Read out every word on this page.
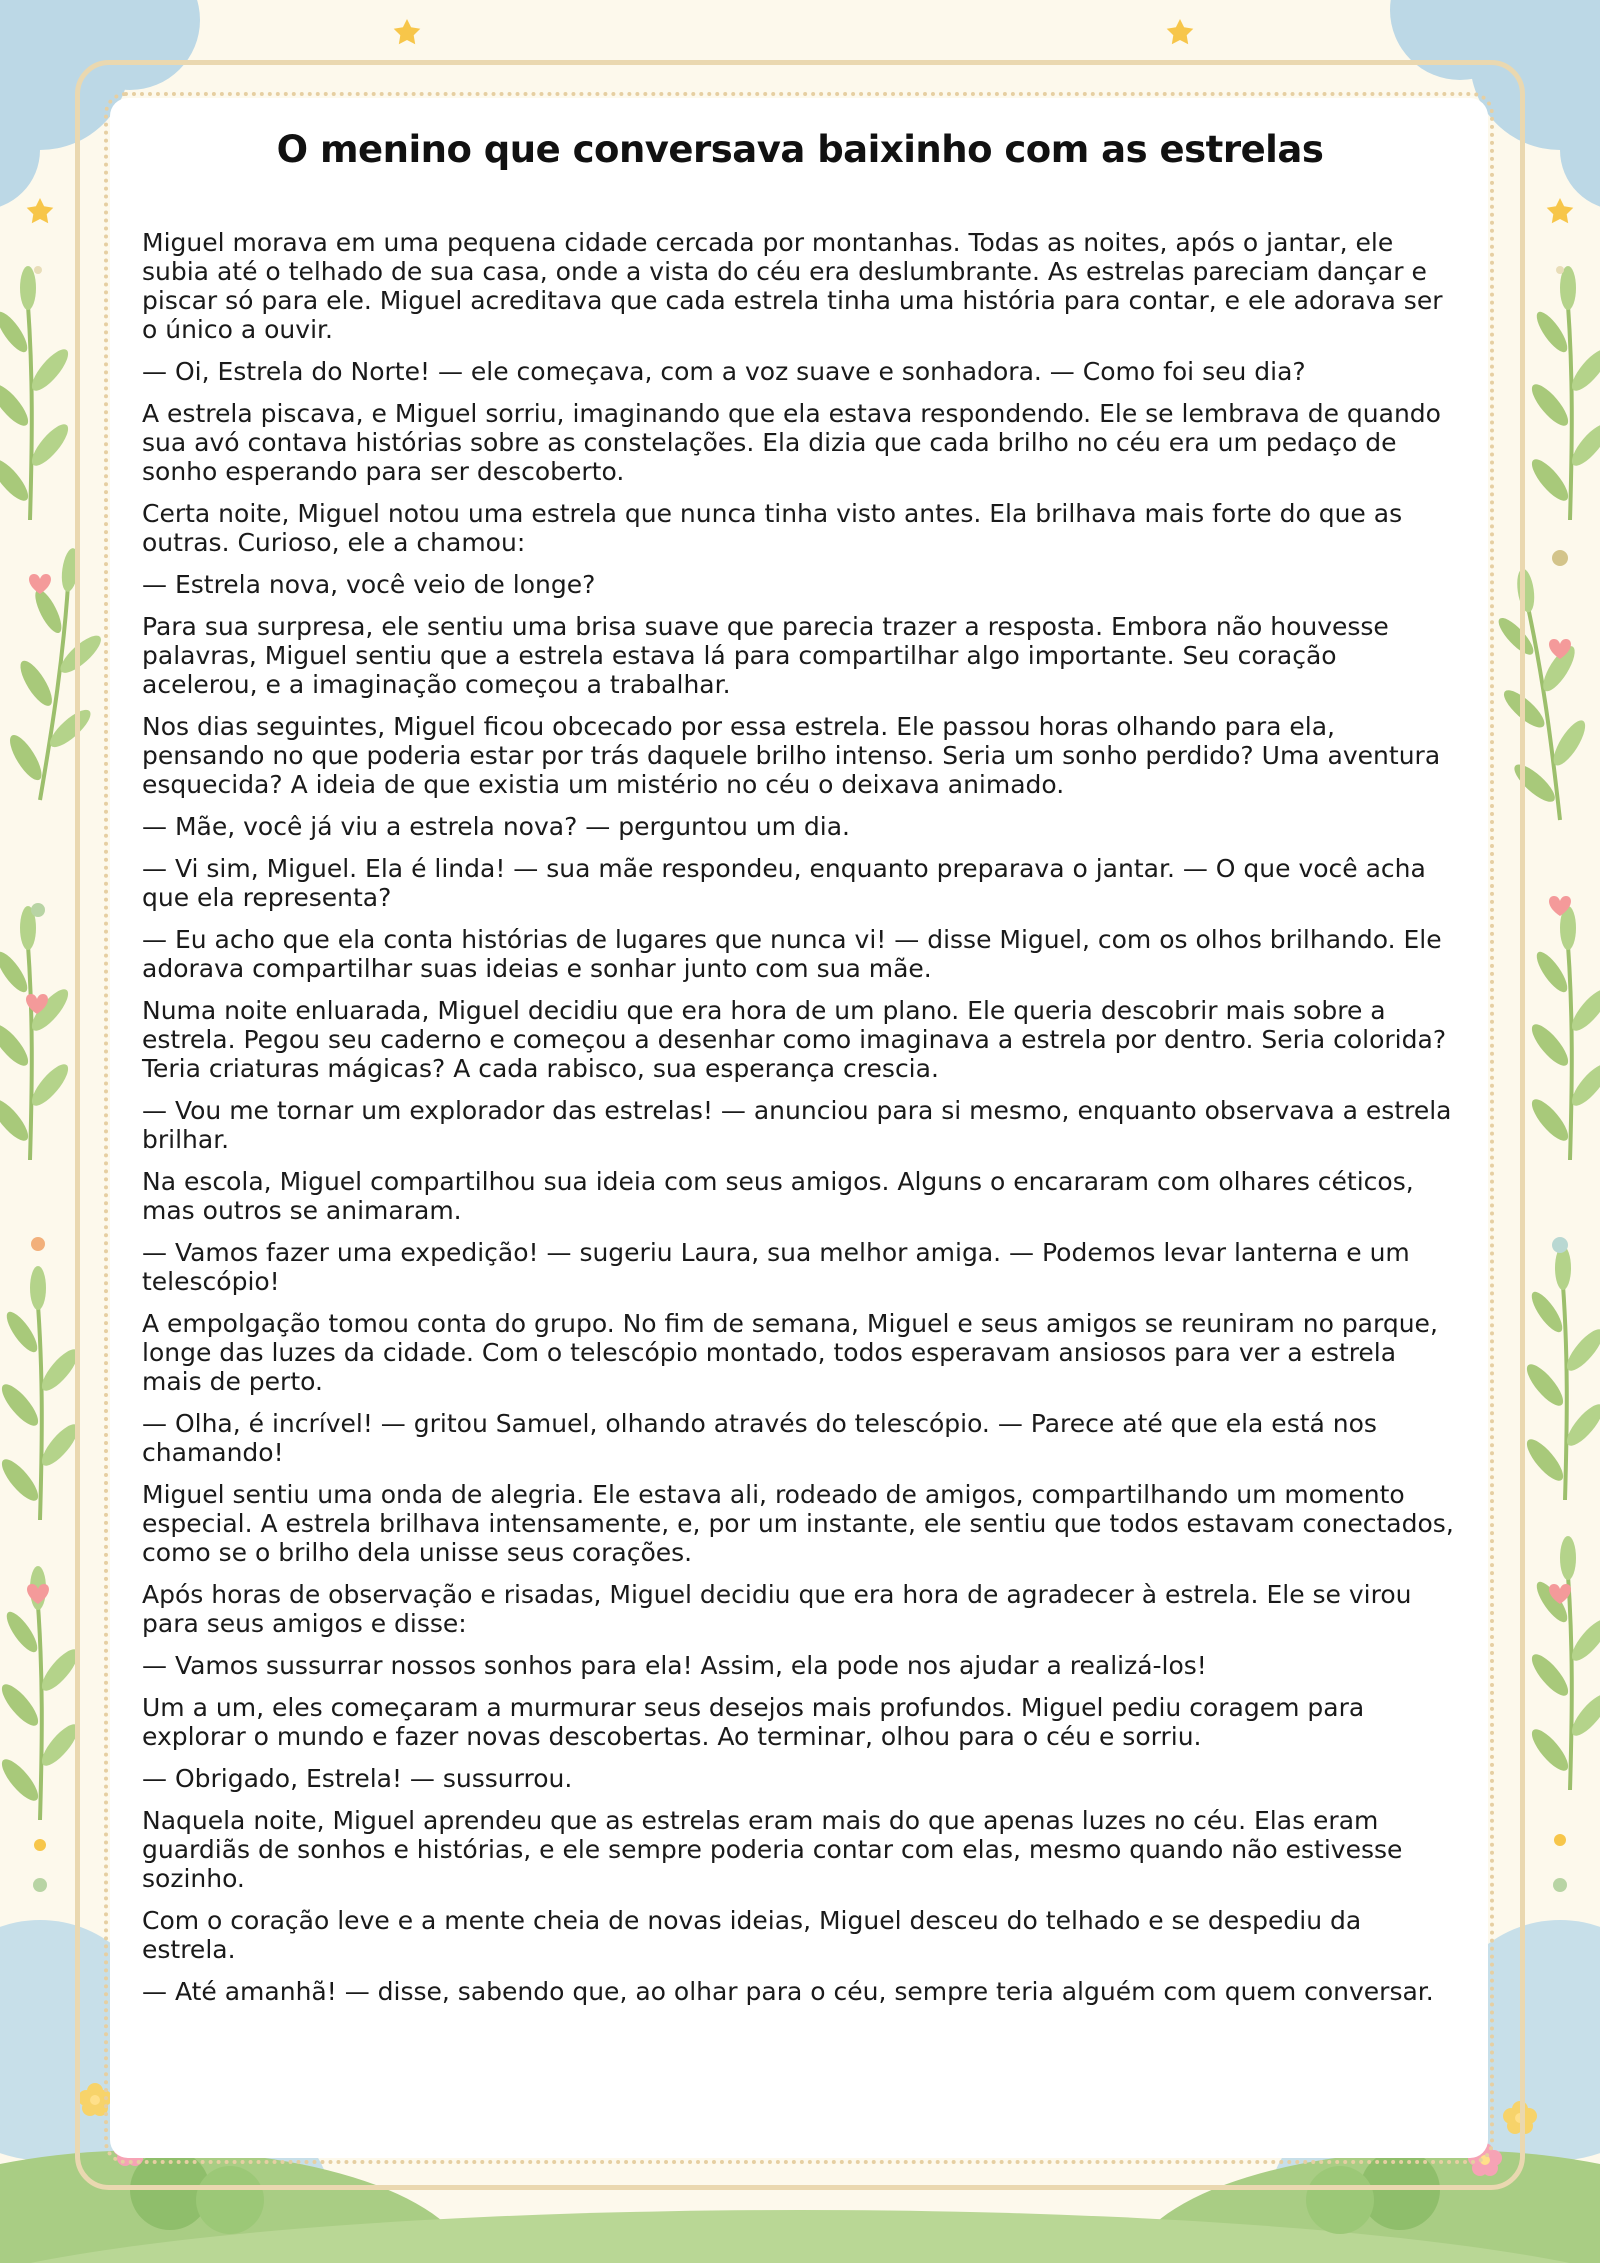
O menino que conversava baixinho com as estrelas

Miguel morava em uma pequena cidade cercada por montanhas. Todas as noites, após o jantar, ele subia até o telhado de sua casa, onde a vista do céu era deslumbrante. As estrelas pareciam dançar e piscar só para ele. Miguel acreditava que cada estrela tinha uma história para contar, e ele adorava ser o único a ouvir.

— Oi, Estrela do Norte! — ele começava, com a voz suave e sonhadora. — Como foi seu dia?

A estrela piscava, e Miguel sorriu, imaginando que ela estava respondendo. Ele se lembrava de quando sua avó contava histórias sobre as constelações. Ela dizia que cada brilho no céu era um pedaço de sonho esperando para ser descoberto.

Certa noite, Miguel notou uma estrela que nunca tinha visto antes. Ela brilhava mais forte do que as outras. Curioso, ele a chamou:

— Estrela nova, você veio de longe?

Para sua surpresa, ele sentiu uma brisa suave que parecia trazer a resposta. Embora não houvesse palavras, Miguel sentiu que a estrela estava lá para compartilhar algo importante. Seu coração acelerou, e a imaginação começou a trabalhar.

Nos dias seguintes, Miguel ficou obcecado por essa estrela. Ele passou horas olhando para ela, pensando no que poderia estar por trás daquele brilho intenso. Seria um sonho perdido? Uma aventura esquecida? A ideia de que existia um mistério no céu o deixava animado.

— Mãe, você já viu a estrela nova? — perguntou um dia.

— Vi sim, Miguel. Ela é linda! — sua mãe respondeu, enquanto preparava o jantar. — O que você acha que ela representa?

— Eu acho que ela conta histórias de lugares que nunca vi! — disse Miguel, com os olhos brilhando. Ele adorava compartilhar suas ideias e sonhar junto com sua mãe.

Numa noite enluarada, Miguel decidiu que era hora de um plano. Ele queria descobrir mais sobre a estrela. Pegou seu caderno e começou a desenhar como imaginava a estrela por dentro. Seria colorida? Teria criaturas mágicas? A cada rabisco, sua esperança crescia.

— Vou me tornar um explorador das estrelas! — anunciou para si mesmo, enquanto observava a estrela brilhar.

Na escola, Miguel compartilhou sua ideia com seus amigos. Alguns o encararam com olhares céticos, mas outros se animaram.

— Vamos fazer uma expedição! — sugeriu Laura, sua melhor amiga. — Podemos levar lanterna e um telescópio!

A empolgação tomou conta do grupo. No fim de semana, Miguel e seus amigos se reuniram no parque, longe das luzes da cidade. Com o telescópio montado, todos esperavam ansiosos para ver a estrela mais de perto.

— Olha, é incrível! — gritou Samuel, olhando através do telescópio. — Parece até que ela está nos chamando!

Miguel sentiu uma onda de alegria. Ele estava ali, rodeado de amigos, compartilhando um momento especial. A estrela brilhava intensamente, e, por um instante, ele sentiu que todos estavam conectados, como se o brilho dela unisse seus corações.

Após horas de observação e risadas, Miguel decidiu que era hora de agradecer à estrela. Ele se virou para seus amigos e disse:

— Vamos sussurrar nossos sonhos para ela! Assim, ela pode nos ajudar a realizá-los!

Um a um, eles começaram a murmurar seus desejos mais profundos. Miguel pediu coragem para explorar o mundo e fazer novas descobertas. Ao terminar, olhou para o céu e sorriu.

— Obrigado, Estrela! — sussurrou.

Naquela noite, Miguel aprendeu que as estrelas eram mais do que apenas luzes no céu. Elas eram guardiãs de sonhos e histórias, e ele sempre poderia contar com elas, mesmo quando não estivesse sozinho.

Com o coração leve e a mente cheia de novas ideias, Miguel desceu do telhado e se despediu da estrela.

— Até amanhã! — disse, sabendo que, ao olhar para o céu, sempre teria alguém com quem conversar.
